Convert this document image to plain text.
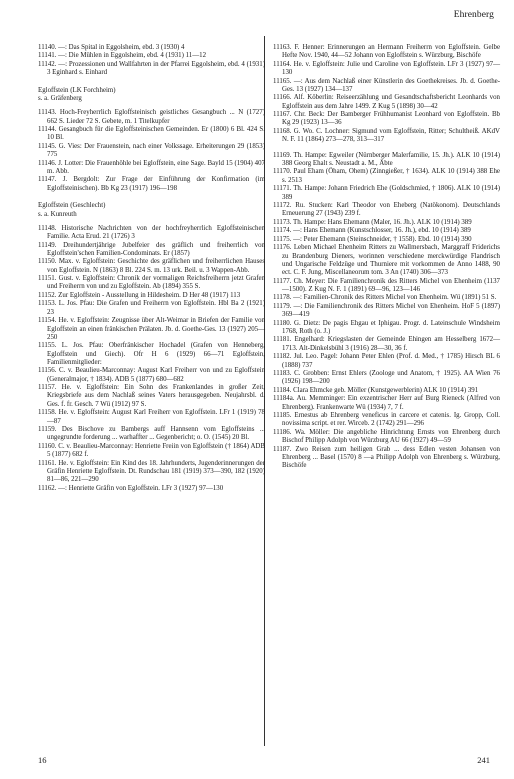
Ehrenberg
11140. —: Das Spital in Eggolsheim, ebd. 3 (1930) 4
11141. —: Die Mühlen in Eggolsheim, ebd. 4 (1931) 11—12
11142. —: Prozessionen und Wallfahrten in der Pfarrei Eggolsheim, ebd. 4 (1931) 3 Eginhard s. Einhard
Egloffstein (LK Forchheim)
s. a. Gräfenberg
11143. Hoch-Freyherrlich Egloffsteinisch geistliches Gesangbuch ... N (1727) 662 S. Lieder 72 S. Gebete, m. 1 Titelkupfer
11144. Gesangbuch für die Egloffsteinischen Gemeinden. Er (1800) 6 Bl. 424 S. 10 Bl.
11145. G. Vies: Der Frauenstein, nach einer Volkssage. Erheiterungen 29 (1853) 775
11146. J. Lotter: Die Frauenhöhle bei Egloffstein, eine Sage. Bayld 15 (1904) 407 m. Abb.
11147. J. Bergdolt: Zur Frage der Einführung der Konfirmation (im Egloffsteinischen). Bb Kg 23 (1917) 196—198
Egloffstein (Geschlecht)
s. a. Kunreuth
11148. Historische Nachrichten von der hochfreyherrlich Egloffsteinischen Familie. Acta Erud. 21 (1726) 3
11149. Dreihundertjährige Jubelfeier des gräflich und freiherrlich von Egloffstein'schen Familien-Condominats. Er (1857)
11150. Max. v. Egloffstein: Geschichte des gräflichen und freiherrlichen Hauses von Egloffstein. N (1863) 8 Bl. 224 S. m. 13 urk. Beil. u. 3 Wappen-Abb.
11151. Gust. v. Egloffstein: Chronik der vormaligen Reichsfreiherrn jetzt Grafen und Freiherrn von und zu Egloffstein. Ab (1894) 355 S.
11152. Zur Egloffstein - Ausstellung in Hildesheim. D Her 48 (1917) 113
11153. L. Jos. Pfau: Die Grafen und Freiherrn von Egloffstein. Hbl Ba 2 (1921) 23
11154. He. v. Egloffstein: Zeugnisse über Alt-Weimar in Briefen der Familie von Egloffstein an einen fränkischen Prälaten. Jb. d. Goethe-Ges. 13 (1927) 205—250
11155. L. Jos. Pfau: Oberfränkischer Hochadel (Grafen von Henneberg, Egloffstein und Giech). Ofr H 6 (1929) 66—71 Egloffstein, Familienmitglieder:
11156. C. v. Beaulieu-Marconnay: August Karl Freiherr von und zu Egloffstein (Generalmajor, † 1834). ADB 5 (1877) 680—682
11157. He. v. Egloffstein: Ein Sohn des Frankenlandes in großer Zeit, Kriegsbriefe aus dem Nachlaß seines Vaters herausgegeben. Neujahrsbl. d. Ges. f. fr. Gesch. 7 Wü (1912) 97 S.
11158. He. v. Egloffstein: August Karl Freiherr von Egloffstein. LFr 1 (1919) 78—87
11159. Des Bischove zu Bambergs auff Hannsenn vom Egloffsteins ... ungegrundte forderung ... warhaffter ... Gegenbericht; o. O. (1545) 20 Bl.
11160. C. v. Beaulieu-Marconnay: Henriette Freiin von Egloffstein († 1864) ADB 5 (1877) 682 f.
11161. He. v. Egloffstein: Ein Kind des 18. Jahrhunderts, Jugenderinnerungen der Gräfin Henriette Egloffstein. Dt. Rundschau 181 (1919) 373—390, 182 (1920) 81—86, 221—290
11162. —: Henriette Gräfin von Egloffstein. LFr 3 (1927) 97—130
11163. F. Henner: Erinnerungen an Hermann Freiherrn von Egloffstein. Gelbe Hefte Nov. 1940, 44—52 Johann von Egloffstein s. Würzburg, Bischöfe
11164. He. v. Egloffstein: Julie und Caroline von Egloffstein. LFr 3 (1927) 97—130
11165. —: Aus dem Nachlaß einer Künstlerin des Goethekreises. Jb. d. Goethe-Ges. 13 (1927) 134—137
11166. Alf. Köberlin: Reiseerzählung und Gesandtschaftsbericht Leonhards von Egloffstein aus dem Jahre 1499. Z Kug 5 (1898) 30—42
11167. Chr. Beck: Der Bamberger Frühhumanist Leonhard von Egloffstein. Bb Kg 29 (1923) 13—36
11168. G. Wo. C. Lochner: Sigmund vom Egloffstein, Ritter; Schultheiß. AKdV N. F. 11 (1864) 273—278, 313—317
11169. Th. Hampe: Egweiler (Nürnberger Malerfamilie, 15. Jh.). ALK 10 (1914) 388 Georg Ehalt s. Neustadt a. M., Äbte
11170. Paul Eham (Öham, Ohem) (Zinngießer, † 1634). ALK 10 (1914) 388 Ehe s. 2513
11171. Th. Hampe: Johann Friedrich Ehe (Goldschmied, † 1806). ALK 10 (1914) 389
11172. Ru. Stucken: Karl Theodor von Eheberg (Natökonom). Deutschlands Erneuerung 27 (1943) 239 f.
11173. Th. Hampe: Hans Ehemann (Maler, 16. Jh.). ALK 10 (1914) 389
11174. —: Hans Ehemann (Kunstschlosser, 16. Jh.), ebd. 10 (1914) 389
11175. —: Peter Ehemann (Steinschneider, † 1558). Ebd. 10 (1914) 390
11176. Leben Michael Ehenheim Ritters zu Wallmersbach, Marggraff Friderichs zu Brandenburg Dieners, worinnen verschiedene merckwürdige Flandrisch und Ungarische Feldzüge und Thurniere mit vorkommen de Anno 1488, 90 ect. C. F. Jung, Miscellaneorum tom. 3 An (1740) 306—373
11177. Ch. Meyer: Die Familienchronik des Ritters Michel von Ehenheim (1137—1500). Z Kug N. F. 1 (1891) 69—96, 123—146
11178. —: Familien-Chronik des Ritters Michel von Ehenheim. Wü (1891) 51 S.
11179. —: Die Familienchronik des Ritters Michel von Ehenheim. HoF 5 (1897) 369—419
11180. G. Dietz: De pagis Ehgau et Iphigau. Progr. d. Lateinschule Windsheim 1768, Roth (o. J.)
11181. Engelhard: Kriegslasten der Gemeinde Ehingen am Hesselberg 1672—1713. Alt-Dinkelsbühl 3 (1916) 28—30, 36 f.
11182. Jul. Leo. Pagel: Johann Peter Ehlen (Prof. d. Med., † 1785) Hirsch BL 6 (1888) 737
11183. C. Grobben: Ernst Ehlers (Zoologe und Anatom, † 1925). AA Wien 76 (1926) 198—200
11184. Clara Ehmcke geb. Möller (Kunstgewerblerin) ALK 10 (1914) 391
11184a. Au. Memminger: Ein exzentrischer Herr auf Burg Rieneck (Alfred von Ehrenberg). Frankenwarte Wü (1934) 7, 7 f.
11185. Ernestus ab Ehrenberg veneficus in carcere et catenis. Ig. Gropp, Coll. novissima script. et rer. Wirceb. 2 (1742) 291—296
11186. Wa. Möller: Die angebliche Hinrichtung Ernsts von Ehrenberg durch Bischof Philipp Adolph von Würzburg AU 66 (1927) 49—59
11187. Zwo Reisen zum heiligen Grab ... dess Edlen vesten Johansen von Ehrenberg ... Basel (1570) 8 —a Philipp Adolph von Ehrenberg s. Würzburg, Bischöfe
16	241
